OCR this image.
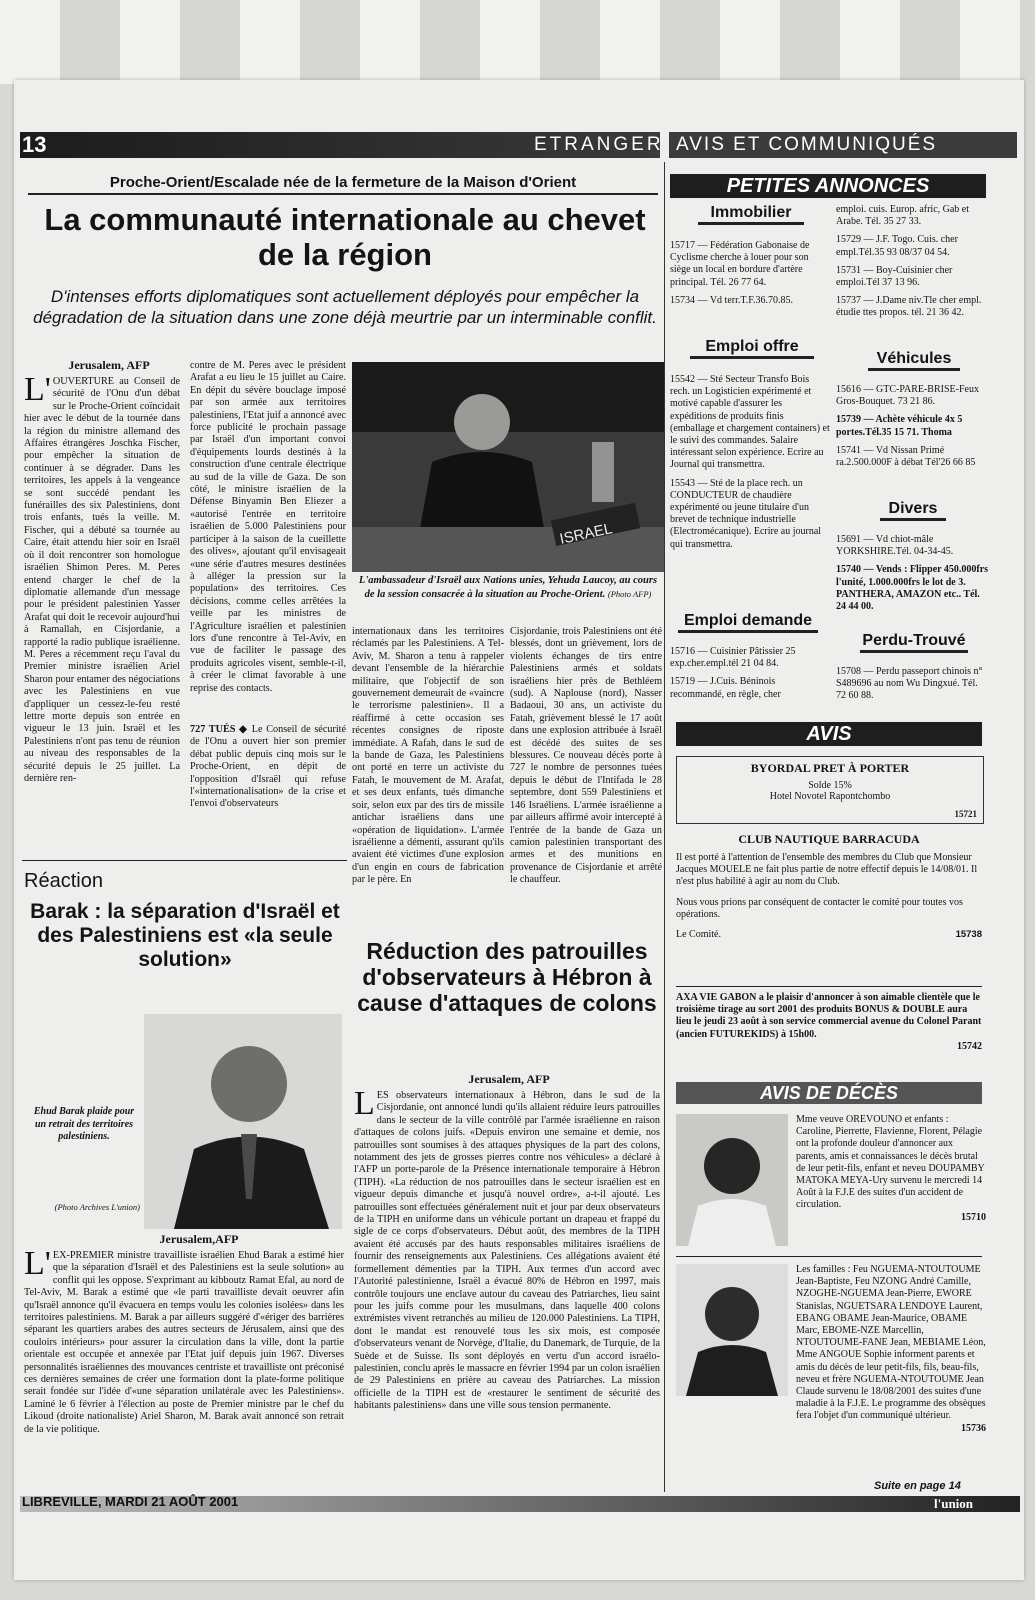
13	ETRANGER AVIS ET COMMUNIQUÉS
Proche-Orient/Escalade née de la fermeture de la Maison d'Orient
La communauté internationale au chevet de la région
D'intenses efforts diplomatiques sont actuellement déployés pour empêcher la dégradation de la situation dans une zone déjà meurtrie par un interminable conflit.
Jerusalem, AFP
L'OUVERTURE au Conseil de sécurité de l'Onu d'un débat sur le Proche-Orient coïncidait hier avec le début de la tournée dans la région du ministre allemand des Affaires étrangères Joschka Fischer, pour empêcher la situation de continuer à se dégrader. Dans les territoires, les appels à la vengeance se sont succédé pendant les funérailles des six Palestiniens, dont trois enfants, tués la veille. M. Fischer, qui a débuté sa tournée au Caire, était attendu hier soir en Israël où il doit rencontrer son homologue israélien Shimon Peres. M. Peres entend charger le chef de la diplomatie allemande d'un message pour le président palestinien Yasser Arafat qui doit le recevoir aujourd'hui à Ramallah, en Cisjordanie, a rapporté la radio publique israélienne. M. Peres a récemment reçu l'aval du Premier ministre israélien Ariel Sharon pour entamer des négociations avec les Palestiniens en vue d'appliquer un cessez-le-feu resté lettre morte depuis son entrée en vigueur le 13 juin. Israël et les Palestiniens n'ont pas tenu de réunion au niveau des responsables de la sécurité depuis le 25 juillet. La dernière ren-
contre de M. Peres avec le président Arafat a eu lieu le 15 juillet au Caire. En dépit du sévère bouclage imposé par son armée aux territoires palestiniens, l'Etat juif a annoncé avec force publicité le prochain passage par Israël d'un important convoi d'équipements lourds destinés à la construction d'une centrale électrique au sud de la ville de Gaza. De son côté, le ministre israélien de la Défense Binyamin Ben Eliezer a «autorisé l'entrée en territoire israélien de 5.000 Palestiniens pour participer à la saison de la cueillette des olives», ajoutant qu'il envisageait «une série d'autres mesures destinées à alléger la pression sur la population» des territoires. Ces décisions, comme celles arrêtées la veille par les ministres de l'Agriculture israélien et palestinien lors d'une rencontre à Tel-Aviv, en vue de faciliter le passage des produits agricoles visent, semble-t-il, à créer le climat favorable à une reprise des contacts.
727 TUÉS ◆ Le Conseil de sécurité de l'Onu a ouvert hier son premier débat public depuis cinq mois sur le Proche-Orient, en dépit de l'opposition d'Israël qui refuse l'«internationalisation» de la crise et l'envoi d'observateurs
ISRAEL
L'ambassadeur d'Israël aux Nations unies, Yehuda Laucoy, au cours de la session consacrée à la situation au Proche-Orient. (Photo AFP)
internationaux dans les territoires réclamés par les Palestiniens. A Tel-Aviv, M. Sharon a tenu à rappeler devant l'ensemble de la hiérarchie militaire, que l'objectif de son gouvernement demeurait de «vaincre le terrorisme palestinien». Il a réaffirmé à cette occasion ses récentes consignes de riposte immédiate. A Rafah, dans le sud de la bande de Gaza, les Palestiniens ont porté en terre un activiste du Fatah, le mouvement de M. Arafat, et ses deux enfants, tués dimanche soir, selon eux par des tirs de missile antichar israéliens dans une «opération de liquidation». L'armée israélienne a démenti, assurant qu'ils avaient été victimes d'une explosion d'un engin en cours de fabrication par le père. En
Cisjordanie, trois Palestiniens ont été blessés, dont un grièvement, lors de violents échanges de tirs entre Palestiniens armés et soldats israéliens hier près de Bethléem (sud). A Naplouse (nord), Nasser Badaoui, 30 ans, un activiste du Fatah, grièvement blessé le 17 août dans une explosion attribuée à Israël est décédé des suites de ses blessures. Ce nouveau décès porte à 727 le nombre de personnes tuées depuis le début de l'Intifada le 28 septembre, dont 559 Palestiniens et 146 Israéliens. L'armée israélienne a par ailleurs affirmé avoir intercepté à l'entrée de la bande de Gaza un camion palestinien transportant des armes et des munitions en provenance de Cisjordanie et arrêté le chauffeur.
Réaction
Barak : la séparation d'Israël et des Palestiniens est «la seule solution»
Ehud Barak plaide pour un retrait des territoires palestiniens.
(Photo Archives L'union)
Jerusalem,AFP
L'EX-PREMIER ministre travailliste israélien Ehud Barak a estimé hier que la séparation d'Israël et des Palestiniens est la seule solution» au conflit qui les oppose. S'exprimant au kibboutz Ramat Efal, au nord de Tel-Aviv, M. Barak a estimé que «le parti travailliste devait oeuvrer afin qu'Israël annonce qu'il évacuera en temps voulu les colonies isolées» dans les territoires palestiniens. M. Barak a par ailleurs suggéré d'«ériger des barrières séparant les quartiers arabes des autres secteurs de Jérusalem, ainsi que des couloirs intérieurs» pour assurer la circulation dans la ville, dont la partie orientale est occupée et annexée par l'Etat juif depuis juin 1967. Diverses personnalités israéliennes des mouvances centriste et travailliste ont préconisé ces dernières semaines de créer une formation dont la plate-forme politique serait fondée sur l'idée d'«une séparation unilatérale avec les Palestiniens». Laminé le 6 février à l'élection au poste de Premier ministre par le chef du Likoud (droite nationaliste) Ariel Sharon, M. Barak avait annoncé son retrait de la vie politique.
Réduction des patrouilles d'observateurs à Hébron à cause d'attaques de colons
Jerusalem, AFP
LES observateurs internationaux à Hébron, dans le sud de la Cisjordanie, ont annoncé lundi qu'ils allaient réduire leurs patrouilles dans le secteur de la ville contrôlé par l'armée israélienne en raison d'attaques de colons juifs. «Depuis environ une semaine et demie, nos patrouilles sont soumises à des attaques physiques de la part des colons, notamment des jets de grosses pierres contre nos véhicules» a déclaré à l'AFP un porte-parole de la Présence internationale temporaire à Hébron (TIPH). «La réduction de nos patrouilles dans le secteur israélien est en vigueur depuis dimanche et jusqu'à nouvel ordre», a-t-il ajouté. Les patrouilles sont effectuées généralement nuit et jour par deux observateurs de la TIPH en uniforme dans un véhicule portant un drapeau et frappé du sigle de ce corps d'observateurs. Début août, des membres de la TIPH avaient été accusés par des hauts responsables militaires israéliens de fournir des renseignements aux Palestiniens. Ces allégations avaient été formellement démenties par la TIPH. Aux termes d'un accord avec l'Autorité palestinienne, Israël a évacué 80% de Hébron en 1997, mais contrôle toujours une enclave autour du caveau des Patriarches, lieu saint pour les juifs comme pour les musulmans, dans laquelle 400 colons extrémistes vivent retranchés au milieu de 120.000 Palestiniens. La TIPH, dont le mandat est renouvelé tous les six mois, est composée d'observateurs venant de Norvège, d'Italie, du Danemark, de Turquie, de la Suède et de Suisse. Ils sont déployés en vertu d'un accord israélo-palestinien, conclu après le massacre en février 1994 par un colon israélien de 29 Palestiniens en prière au caveau des Patriarches. La mission officielle de la TIPH est de «restaurer le sentiment de sécurité des habitants palestiniens» dans une ville sous tension permanente.
PETITES ANNONCES
Immobilier

15717 — Fédération Gabonaise de Cyclisme cherche à louer pour son siège un local en bordure d'artère principal. Tél. 26 77 64.

15734 — Vd terr.T.F.36.70.85.

Emploi offre

15542 — Sté Secteur Transfo Bois rech. un Logisticien expérimenté et motivé capable d'assurer les expéditions de produits finis (emballage et chargement containers) et le suivi des commandes. Salaire intéressant selon expérience. Ecrire au Journal qui transmettra.

15543 — Sté de la place rech. un CONDUCTEUR de chaudière expérimenté ou jeune titulaire d'un brevet de technique industrielle (Electromécanique). Ecrire au journal qui transmettra.

Emploi demande

15716 — Cuisinier Pâtissier 25 exp.cher.empl.tél 21 04 84.

15719 — J.Cuis. Béninois recommandé, en règle, cher

emploi. cuis. Europ. afric, Gab et Arabe. Tél. 35 27 33.

15729 — J.F. Togo. Cuis. cher empl.Tél.35 93 08/37 04 54.

15731 — Boy-Cuisinier cher emploi.Tél 37 13 96.

15737 — J.Dame niv.Tle cher empl. étudie ttes propos. tél. 21 36 42.

Véhicules

15616 — GTC-PARE-BRISE-Feux Gros-Bouquet. 73 21 86.

15739 — Achète véhicule 4x 5 portes.Tél.35 15 71. Thoma

15741 — Vd Nissan Primé ra.2.500.000F à débat Tél'26 66 85

Divers

15691 — Vd chiot-mâle YORKSHIRE.Tél. 04-34-45.

15740 — Vends : Flipper 450.000frs l'unité, 1.000.000frs le lot de 3. PANTHERA, AMAZON etc.. Tél. 24 44 00.

Perdu-Trouvé

15708 — Perdu passeport chinois n° S489696 au nom Wu Dingxué. Tél. 72 60 88.

AVIS
BYORDAL PRET À PORTER
Solde 15%
Hotel Novotel Rapontchombo
15721
CLUB NAUTIQUE BARRACUDA

Il est porté à l'attention de l'ensemble des membres du Club que Monsieur Jacques MOUELE ne fait plus partie de notre effectif depuis le 14/08/01. Il n'est plus habilité à agir au nom du Club.

Nous vous prions par conséquent de contacter le comité pour toutes vos opérations.

Le Comité.	15738

AXA VIE GABON a le plaisir d'annoncer à son aimable clientèle que le troisième tirage au sort 2001 des produits BONUS & DOUBLE aura lieu le jeudi 23 août à son service commercial avenue du Colonel Parant (ancien FUTUREKIDS) à 15h00.

15742

AVIS DE DÉCÈS

Mme veuve OREVOUNO et enfants : Caroline, Pierrette, Flavienne, Florent, Pélagie ont la profonde douleur d'annoncer aux parents, amis et connaissances le décès brutal de leur petit-fils, enfant et neveu DOUPAMBY MATOKA MEYA-Ury survenu le mercredi 14 Août à la F.J.E des suites d'un accident de circulation.

15710

Les familles : Feu NGUEMA-NTOUTOUME Jean-Baptiste, Feu NZONG André Camille, NZOGHE-NGUEMA Jean-Pierre, EWORE Stanislas, NGUETSARA LENDOYE Laurent, EBANG OBAME Jean-Maurice, OBAME Marc, EBOME-NZE Marcellin, NTOUTOUME-FANE Jean, MEBIAME Léon, Mme ANGOUE Sophie informent parents et amis du décès de leur petit-fils, fils, beau-fils, neveu et frère NGUEMA-NTOUTOUME Jean Claude survenu le 18/08/2001 des suites d'une maladie à la F.J.E. Le programme des obsèques fera l'objet d'un communiqué ultérieur.

15736

Suite en page 14
LIBREVILLE, MARDI 21 AOÛT 2001	l'union
